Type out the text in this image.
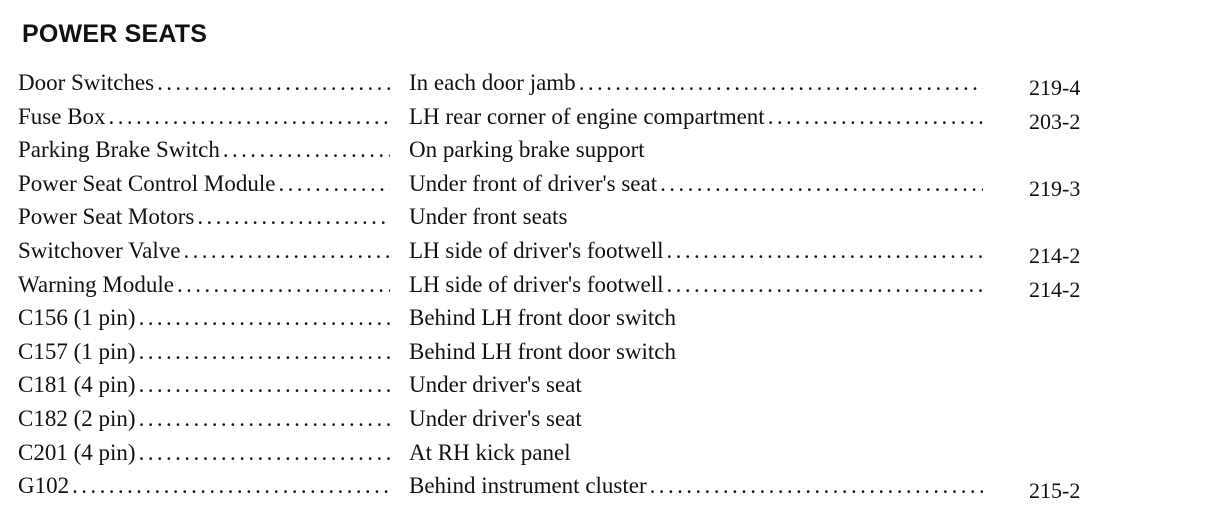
POWER SEATS
Door Switches .....	In each door jamb .....	219-4
Fuse Box .....	LH rear corner of engine compartment .....	203-2
Parking Brake Switch .....	On parking brake support
Power Seat Control Module .....	Under front of driver's seat .....	219-3
Power Seat Motors .....	Under front seats
Switchover Valve .....	LH side of driver's footwell .....	214-2
Warning Module .....	LH side of driver's footwell .....	214-2
C156 (1 pin) .....	Behind LH front door switch
C157 (1 pin) .....	Behind LH front door switch
C181 (4 pin) .....	Under driver's seat
C182 (2 pin) .....	Under driver's seat
C201 (4 pin) .....	At RH kick panel
G102 .....	Behind instrument cluster .....	215-2
